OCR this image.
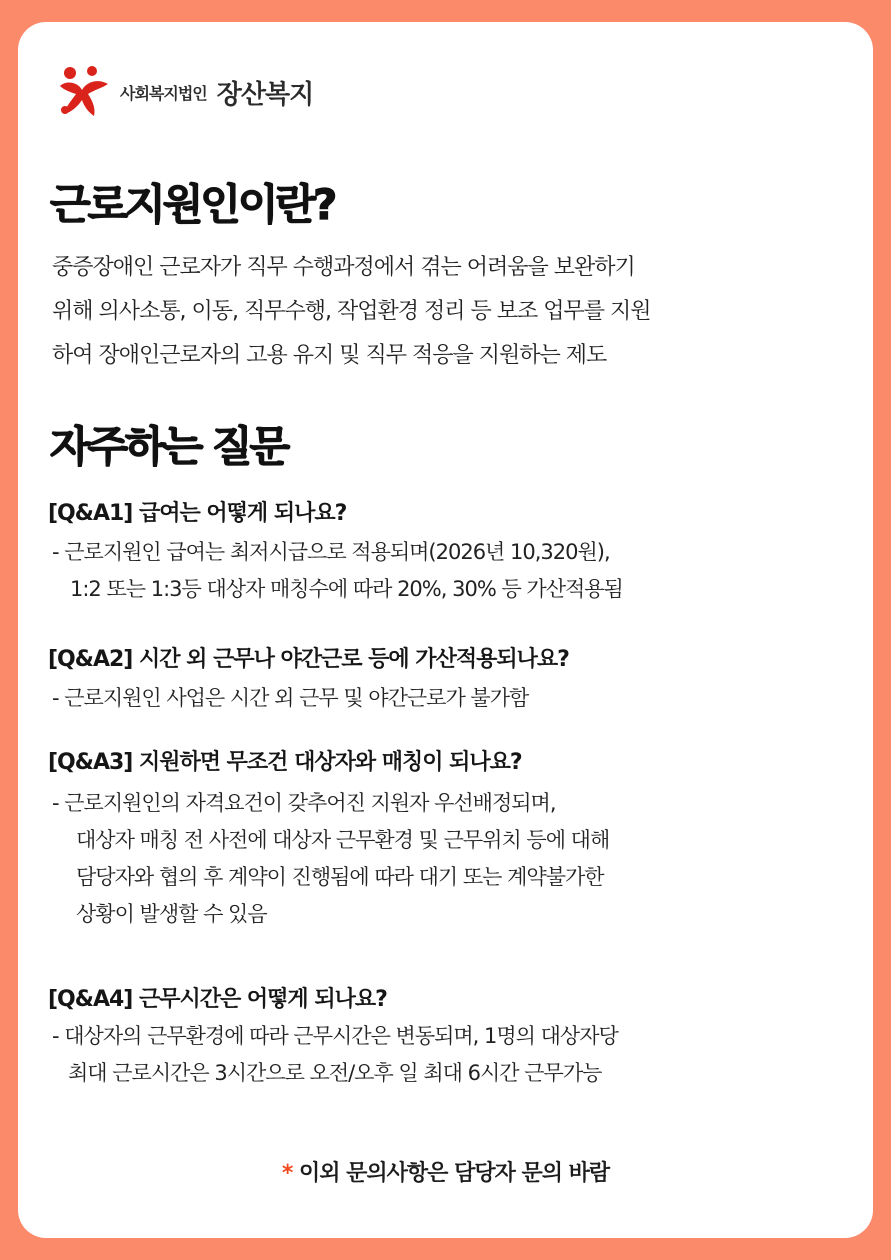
사회복지법인 장산복지
근로지원인이란?
중증장애인 근로자가 직무 수행과정에서 겪는 어려움을 보완하기
위해 의사소통, 이동, 직무수행, 작업환경 정리 등 보조 업무를 지원
하여 장애인근로자의 고용 유지 및 직무 적응을 지원하는 제도
자주하는 질문
[Q&A1] 급여는 어떻게 되나요?
- 근로지원인 급여는 최저시급으로 적용되며(2026년 10,320원),
1:2 또는 1:3등 대상자 매칭수에 따라 20%, 30% 등 가산적용됨
[Q&A2] 시간 외 근무나 야간근로 등에 가산적용되나요?
- 근로지원인 사업은 시간 외 근무 및 야간근로가 불가함
[Q&A3] 지원하면 무조건 대상자와 매칭이 되나요?
- 근로지원인의 자격요건이 갖추어진 지원자 우선배정되며,
대상자 매칭 전 사전에 대상자 근무환경 및 근무위치 등에 대해
담당자와 협의 후 계약이 진행됨에 따라 대기 또는 계약불가한
상황이 발생할 수 있음
[Q&A4] 근무시간은 어떻게 되나요?
- 대상자의 근무환경에 따라 근무시간은 변동되며, 1명의 대상자당
최대 근로시간은 3시간으로 오전/오후 일 최대 6시간 근무가능
* 이외 문의사항은 담당자 문의 바람
